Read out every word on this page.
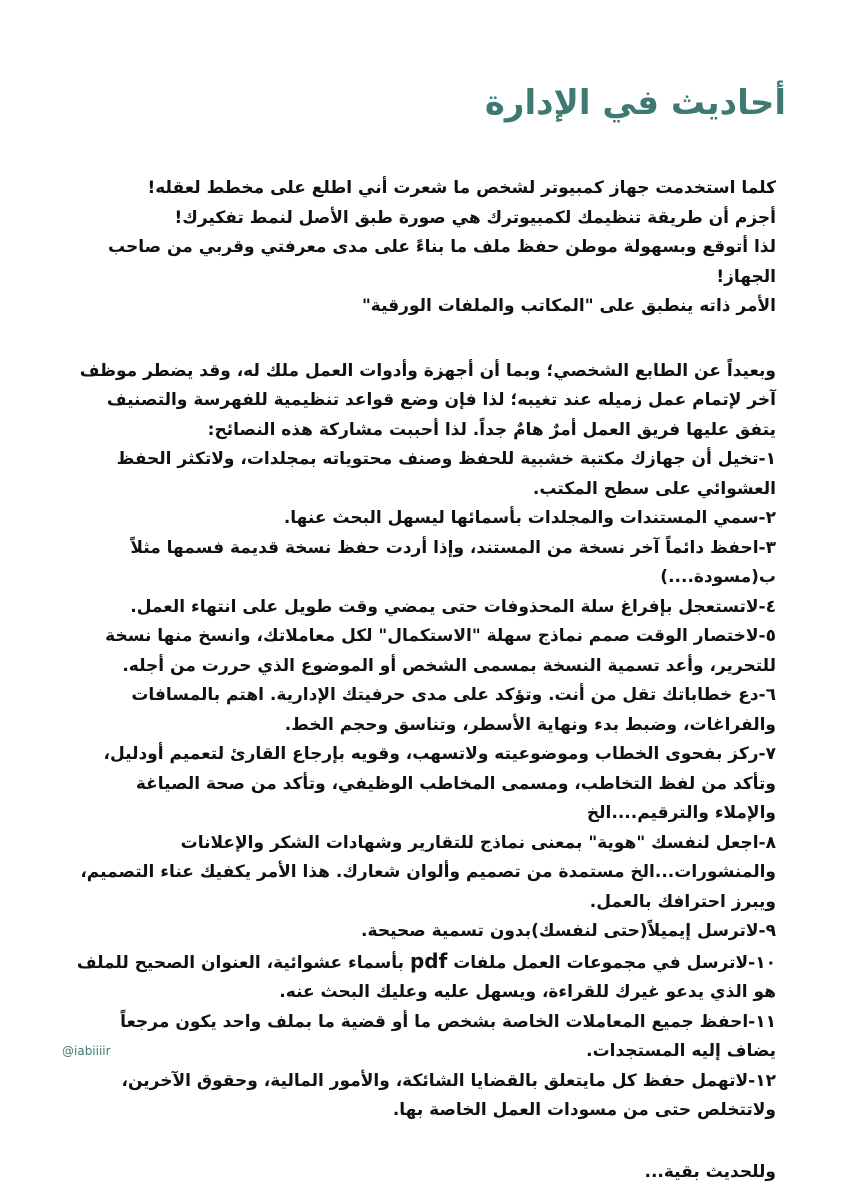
أحاديث في الإدارة

كلما استخدمت جهاز كمبيوتر لشخص ما شعرت أني اطلع على مخطط لعقله!

أجزم أن طريقة تنظيمك لكمبيوترك هي صورة طبق الأصل لنمط تفكيرك!

لذا أتوقع وبسهولة موطن حفظ ملف ما بناءً على مدى معرفتي وقربي من صاحب الجهاز!

الأمر ذاته ينطبق على "المكاتب والملفات الورقية"

وبعيداً عن الطابع الشخصي؛ وبما أن أجهزة وأدوات العمل ملك له، وقد يضطر موظف آخر لإتمام عمل زميله عند تغيبه؛ لذا فإن وضع قواعد تنظيمية للفهرسة والتصنيف يتفق عليها فريق العمل أمرٌ هامٌ جداً. لذا أحببت مشاركة هذه النصائح:

١-تخيل أن جهازك مكتبة خشبية للحفظ وصنف محتوياته بمجلدات، ولاتكثر الحفظ العشوائي على سطح المكتب.

٢-سمي المستندات والمجلدات بأسمائها ليسهل البحث عنها.

٣-احفظ دائماً آخر نسخة من المستند، وإذا أردت حفظ نسخة قديمة فسمها مثلاً ب(مسودة....)

٤-لاتستعجل بإفراغ سلة المحذوفات حتى يمضي وقت طويل على انتهاء العمل.

٥-لاختصار الوقت صمم نماذج سهلة "الاستكمال" لكل معاملاتك، وانسخ منها نسخة للتحرير، وأعد تسمية النسخة بمسمى الشخص أو الموضوع الذي حررت من أجله.

٦-دع خطاباتك تقل من أنت. وتؤكد على مدى حرفيتك الإدارية. اهتم بالمسافات والفراغات، وضبط بدء ونهاية الأسطر، وتناسق وحجم الخط.

٧-ركز بفحوى الخطاب وموضوعيته ولاتسهب، وقويه بإرجاع القارئ لتعميم أودليل، وتأكد من لفظ التخاطب، ومسمى المخاطب الوظيفي، وتأكد من صحة الصياغة والإملاء والترقيم....الخ

٨-اجعل لنفسك "هوية" بمعنى نماذج للتقارير وشهادات الشكر والإعلانات والمنشورات...الخ مستمدة من تصميم وألوان شعارك. هذا الأمر يكفيك عناء التصميم، ويبرز احترافك بالعمل.

٩-لاترسل إيميلاً(حتى لنفسك)بدون تسمية صحيحة.

١٠-لاترسل في مجموعات العمل ملفات pdf بأسماء عشوائية، العنوان الصحيح للملف هو الذي يدعو غيرك للقراءة، ويسهل عليه وعليك البحث عنه.

١١-احفظ جميع المعاملات الخاصة بشخص ما أو قضية ما بملف واحد يكون مرجعاً يضاف إليه المستجدات.

١٢-لاتهمل حفظ كل مايتعلق بالقضايا الشائكة، والأمور المالية، وحقوق الآخرين، ولاتتخلص حتى من مسودات العمل الخاصة بها.

وللحديث بقية...

@iabiiiir
